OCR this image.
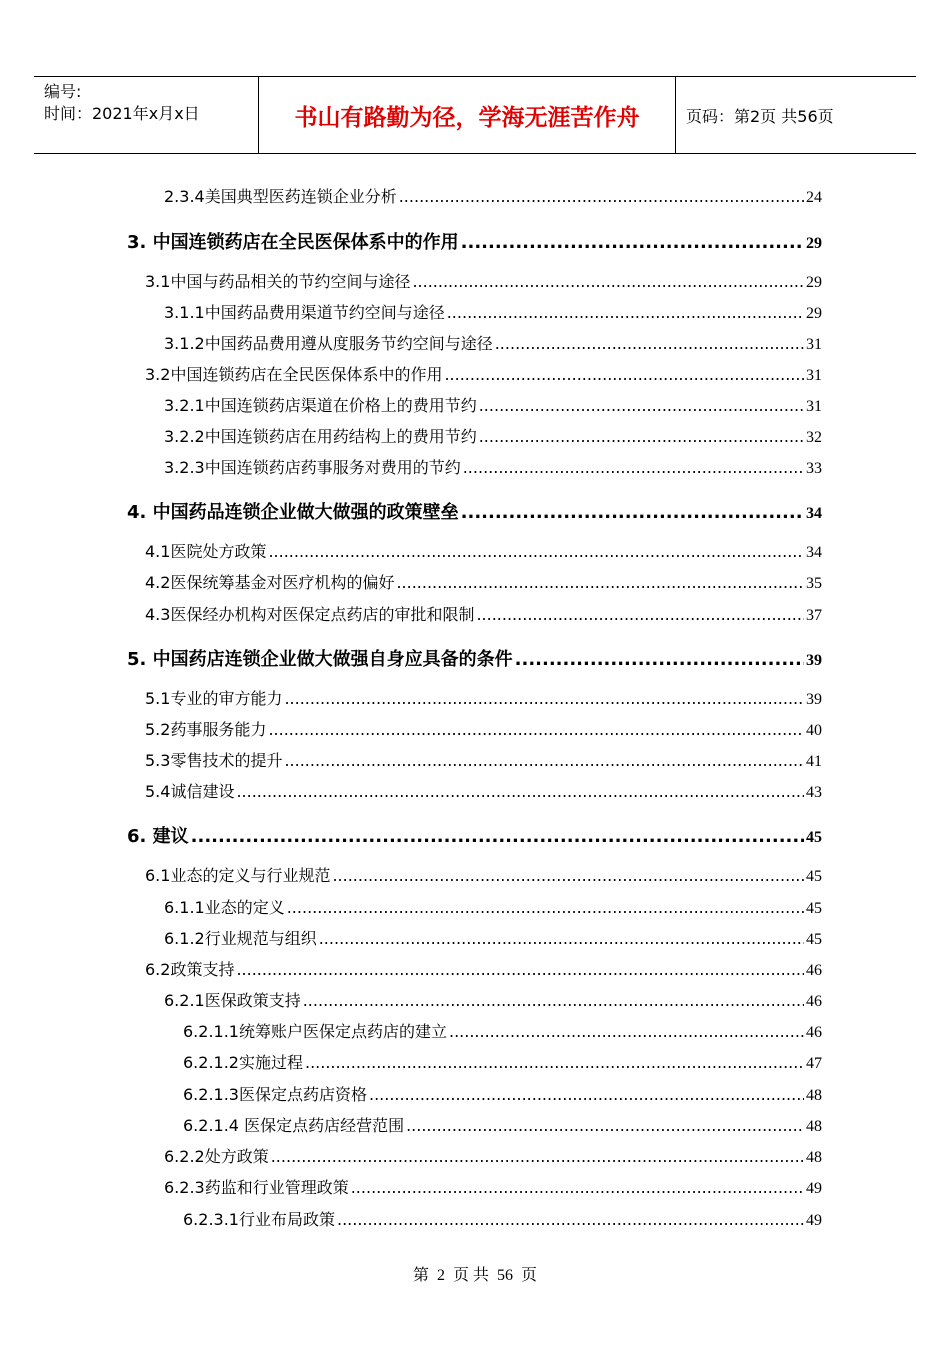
编号:
时间：2021年x月x日	书山有路勤为径，学海无涯苦作舟	页码：第2页 共56页
2.3.4美国典型医药连锁企业分析 .....	24
3. 中国连锁药店在全民医保体系中的作用 .....	29
3.1中国与药品相关的节约空间与途径 .....	29
3.1.1中国药品费用渠道节约空间与途径 .....	29
3.1.2中国药品费用遵从度服务节约空间与途径 .....	31
3.2中国连锁药店在全民医保体系中的作用 .....	31
3.2.1中国连锁药店渠道在价格上的费用节约 .....	31
3.2.2中国连锁药店在用药结构上的费用节约 .....	32
3.2.3中国连锁药店药事服务对费用的节约 .....	33
4. 中国药品连锁企业做大做强的政策壁垒 .....	34
4.1医院处方政策 .....	34
4.2医保统筹基金对医疗机构的偏好 .....	35
4.3医保经办机构对医保定点药店的审批和限制 .....	37
5. 中国药店连锁企业做大做强自身应具备的条件 .....	39
5.1专业的审方能力 .....	39
5.2药事服务能力 .....	40
5.3零售技术的提升 .....	41
5.4诚信建设 .....	43
6. 建议 .....	45
6.1业态的定义与行业规范 .....	45
6.1.1业态的定义 .....	45
6.1.2行业规范与组织 .....	45
6.2政策支持 .....	46
6.2.1医保政策支持 .....	46
6.2.1.1统筹账户医保定点药店的建立 .....	46
6.2.1.2实施过程 .....	47
6.2.1.3医保定点药店资格 .....	48
6.2.1.4 医保定点药店经营范围 .....	48
6.2.2处方政策 .....	48
6.2.3药监和行业管理政策 .....	49
6.2.3.1行业布局政策 .....	49
第 2 页 共 56 页
